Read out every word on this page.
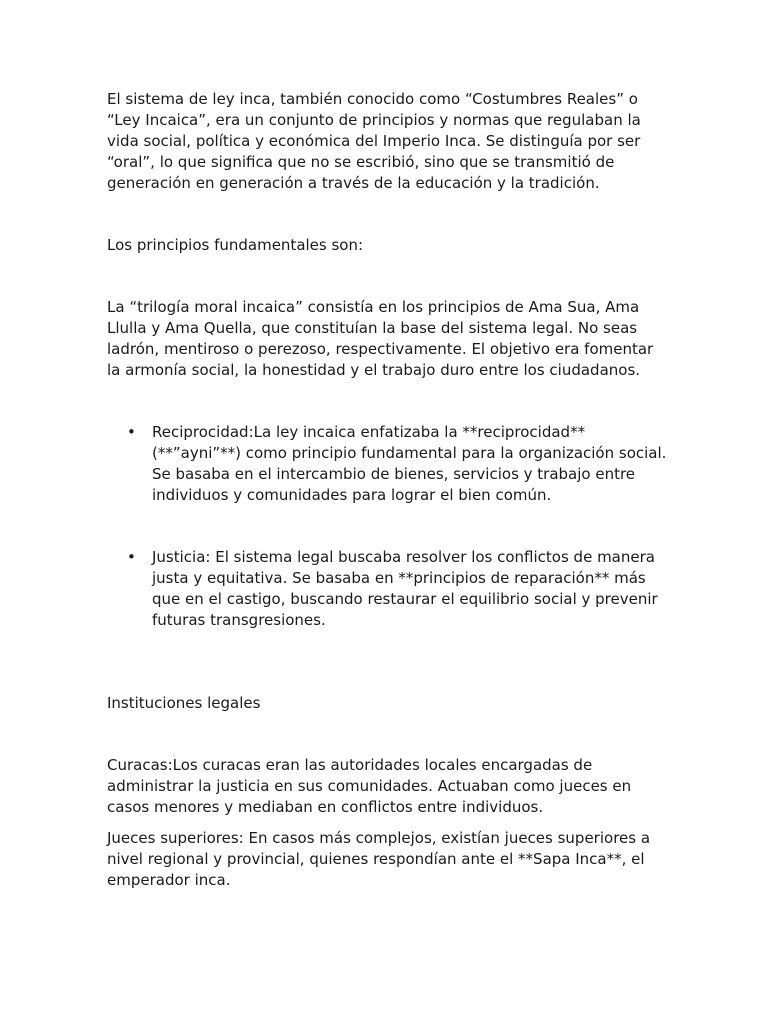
El sistema de ley inca, también conocido como “Costumbres Reales” o “Ley Incaica”, era un conjunto de principios y normas que regulaban la vida social, política y económica del Imperio Inca. Se distinguía por ser “oral”, lo que significa que no se escribió, sino que se transmitió de generación en generación a través de la educación y la tradición.

Los principios fundamentales son:

La “trilogía moral incaica” consistía en los principios de Ama Sua, Ama Llulla y Ama Quella, que constituían la base del sistema legal. No seas ladrón, mentiroso o perezoso, respectivamente. El objetivo era fomentar la armonía social, la honestidad y el trabajo duro entre los ciudadanos.

• Reciprocidad:La ley incaica enfatizaba la **reciprocidad** (**”ayni”**) como principio fundamental para la organización social. Se basaba en el intercambio de bienes, servicios y trabajo entre individuos y comunidades para lograr el bien común.
• Justicia: El sistema legal buscaba resolver los conflictos de manera justa y equitativa. Se basaba en **principios de reparación** más que en el castigo, buscando restaurar el equilibrio social y prevenir futuras transgresiones.

Instituciones legales

Curacas:Los curacas eran las autoridades locales encargadas de administrar la justicia en sus comunidades. Actuaban como jueces en casos menores y mediaban en conflictos entre individuos.

Jueces superiores: En casos más complejos, existían jueces superiores a nivel regional y provincial, quienes respondían ante el **Sapa Inca**, el emperador inca.
